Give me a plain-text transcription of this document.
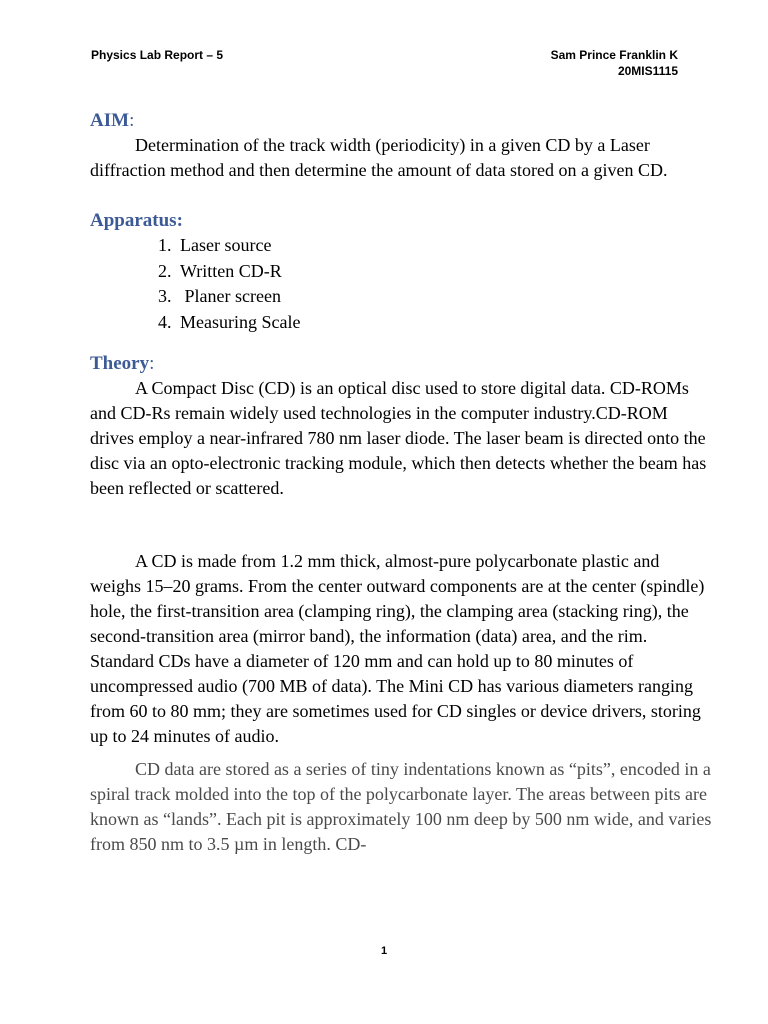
Physics Lab Report – 5	Sam Prince Franklin K
20MIS1115
AIM:

Determination of the track width (periodicity) in a given CD by a Laser diffraction method and then determine the amount of data stored on a given CD.

Apparatus:
1. Laser source
2. Written CD-R
3. Planer screen
4. Measuring Scale
Theory:

A Compact Disc (CD) is an optical disc used to store digital data. CD-ROMs and CD-Rs remain widely used technologies in the computer industry.CD-ROM drives employ a near-infrared 780 nm laser diode. The laser beam is directed onto the disc via an opto-electronic tracking module, which then detects whether the beam has been reflected or scattered.

A CD is made from 1.2 mm thick, almost-pure polycarbonate plastic and weighs 15–20 grams. From the center outward components are at the center (spindle) hole, the first-transition area (clamping ring), the clamping area (stacking ring), the second-transition area (mirror band), the information (data) area, and the rim. Standard CDs have a diameter of 120 mm and can hold up to 80 minutes of uncompressed audio (700 MB of data). The Mini CD has various diameters ranging from 60 to 80 mm; they are sometimes used for CD singles or device drivers, storing up to 24 minutes of audio.

CD data are stored as a series of tiny indentations known as “pits”, encoded in a spiral track molded into the top of the polycarbonate layer. The areas between pits are known as “lands”. Each pit is approximately 100 nm deep by 500 nm wide, and varies from 850 nm to 3.5 µm in length. CD-

1
